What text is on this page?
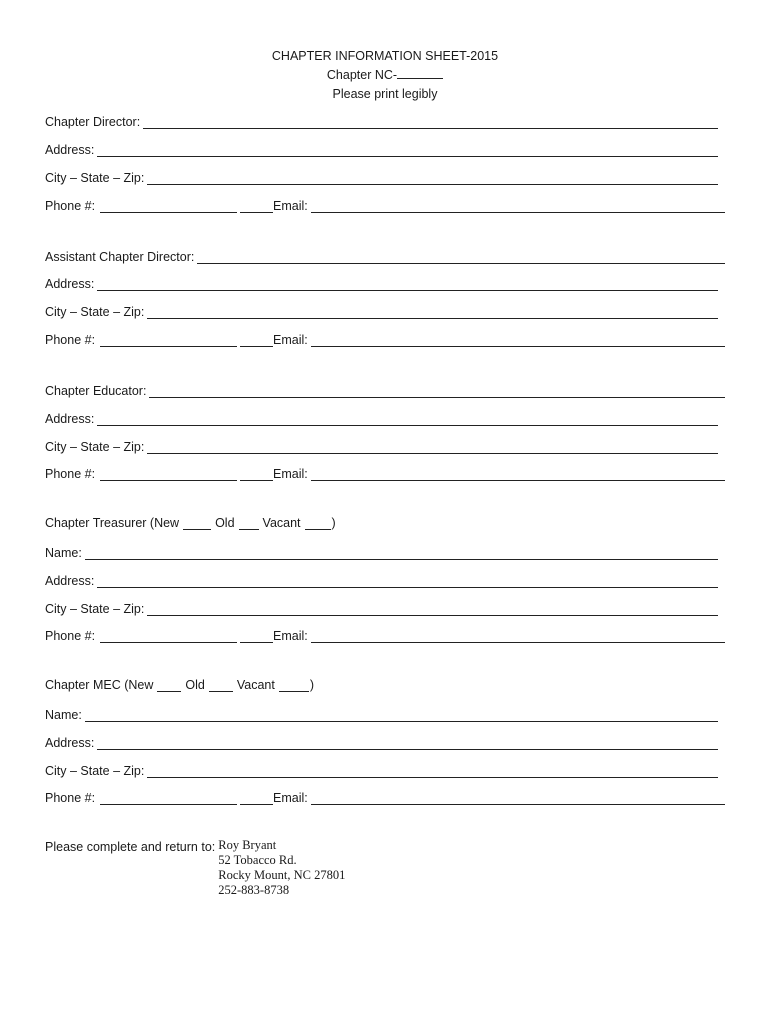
CHAPTER INFORMATION SHEET-2015
Chapter NC-
Please print legibly
Chapter Director:
Address:
City – State – Zip:
Phone #:	Email:
Assistant Chapter Director:
Address:
City – State – Zip:
Phone #:	Email:
Chapter Educator:
Address:
City – State – Zip:
Phone #:	Email:
Chapter Treasurer (New	Old Vacant )
Name:
Address:
City – State – Zip:
Phone #:	Email:
Chapter MEC (New	Old	Vacant	)
Name:
Address:
City – State – Zip:
Phone #:	Email:
Please complete and return to: Roy Bryant
52 Tobacco Rd.
Rocky Mount, NC 27801
252-883-8738
